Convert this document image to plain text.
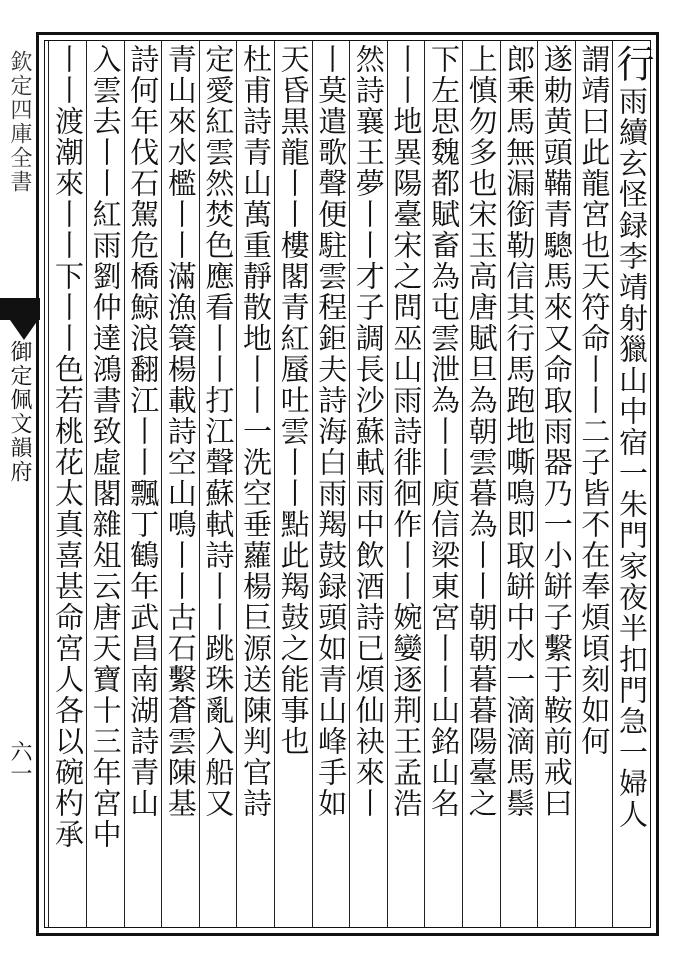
欽定四庫全書
御定佩文韻府
六一
行雨續玄怪録李靖射獵山中宿一朱門家夜半扣門急一婦人
謂靖曰此龍宮也天符命丨丨二子皆不在奉煩頃刻如何
遂勅黄頭鞴青驄馬來又命取雨器乃一小缾子繫于鞍前戒曰
郎乗馬無漏銜勒信其行馬跑地嘶鳴即取缾中水一滴滴馬鬃
上慎勿多也宋玉高唐賦旦為朝雲暮為丨丨朝朝暮暮陽臺之
下左思魏都賦畜為屯雲泄為丨丨庾信梁東宮丨丨山銘山名
丨丨地異陽臺宋之問巫山雨詩徘徊作丨丨婉孌逐荆王孟浩
然詩襄王夢丨丨才子調長沙蘇軾雨中飲酒詩已煩仙袂來丨
丨莫遣歌聲便駐雲程鉅夫詩海白雨羯鼓録頭如青山峰手如
天昏黒龍丨丨樓閣青紅蜃吐雲丨丨點此羯鼓之能事也
杜甫詩青山萬重靜散地丨丨一洗空垂蘿楊巨源送陳判官詩
定愛紅雲然焚色應看丨丨打江聲蘇軾詩丨丨跳珠亂入船又
青山來水檻丨丨滿漁簑楊載詩空山鳴丨丨古石繫蒼雲陳基
詩何年伐石駕危橋鯨浪翻江丨丨飄丁鶴年武昌南湖詩青山
入雲去丨丨紅雨劉仲達鴻書致虛閣雜俎云唐天寶十三年宮中
丨丨渡潮來丨丨下丨丨色若桃花太真喜甚命宮人各以碗杓承
